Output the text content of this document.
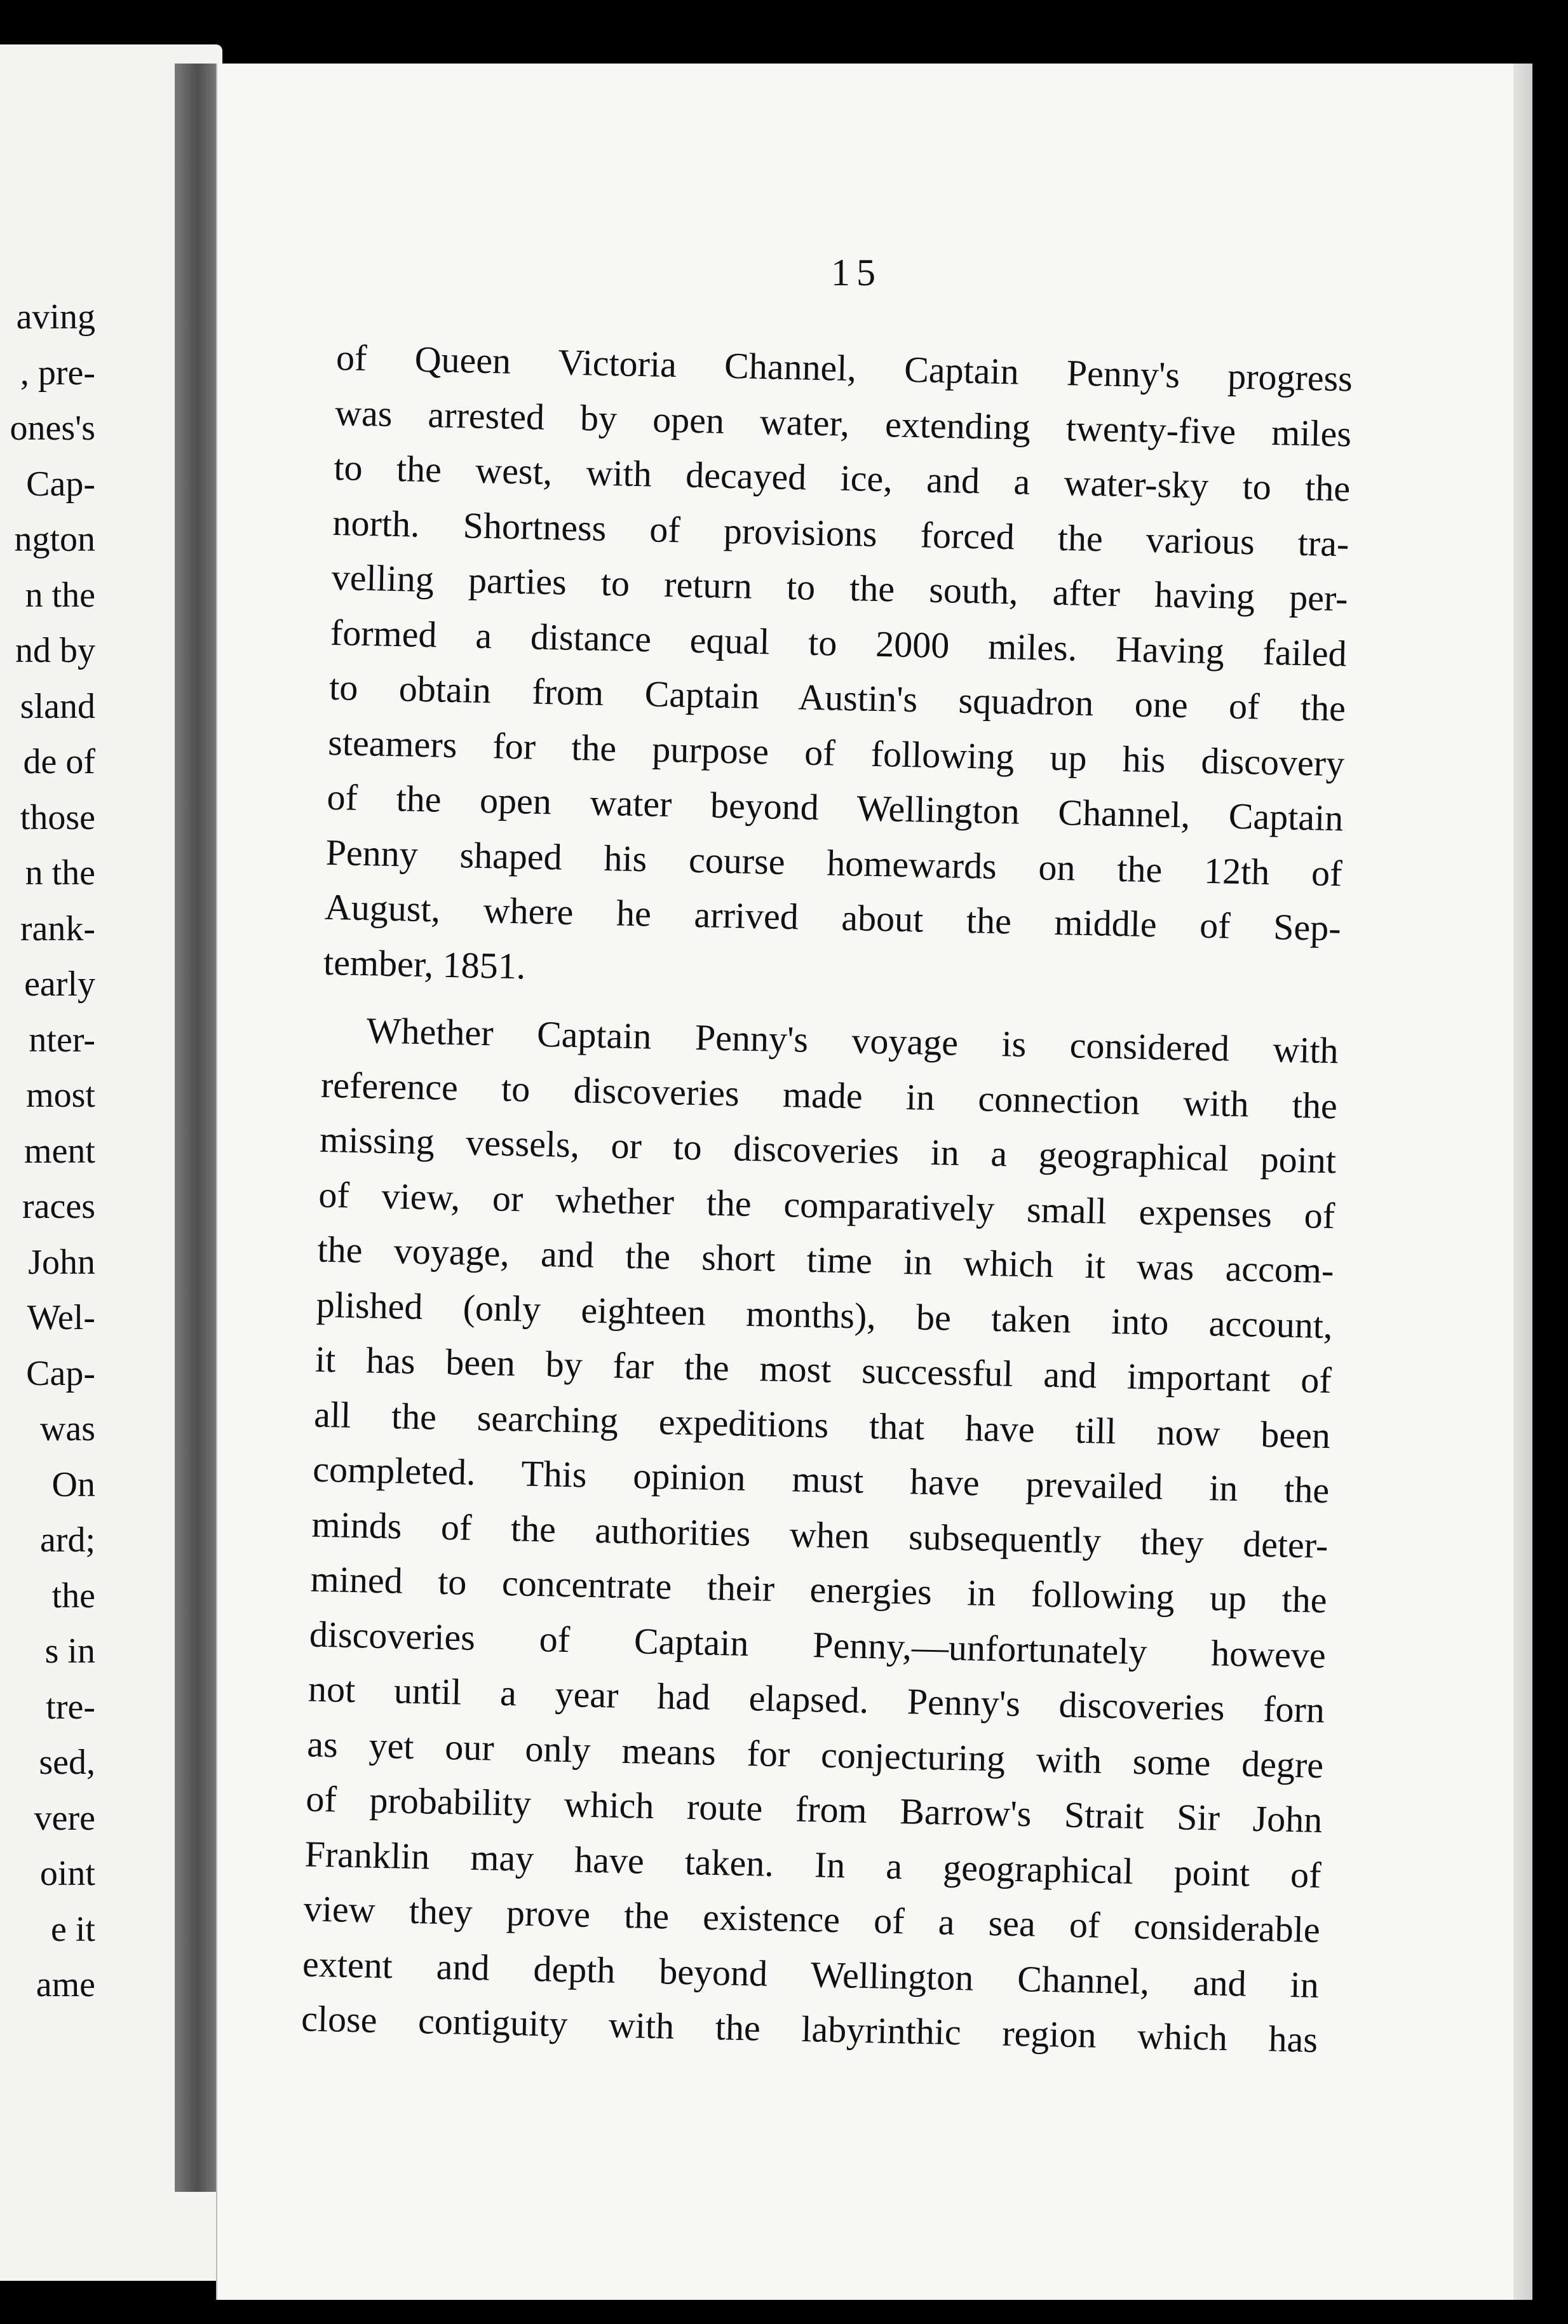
aving
, pre-
ones's
Cap-
ngton
n the
nd by
sland
de of
those
n the
rank-
early
nter-
most
ment
races
John
Wel-
Cap-
was
On
ard;
the
s in
tre-
sed,
vere
oint
e it
ame
15
of Queen Victoria Channel, Captain Penny's progress
was arrested by open water, extending twenty-five miles
to the west, with decayed ice, and a water-sky to the
north. Shortness of provisions forced the various tra-
velling parties to return to the south, after having per-
formed a distance equal to 2000 miles. Having failed
to obtain from Captain Austin's squadron one of the
steamers for the purpose of following up his discovery
of the open water beyond Wellington Channel, Captain
Penny shaped his course homewards on the 12th of
August, where he arrived about the middle of Sep-
tember, 1851.
Whether Captain Penny's voyage is considered with
reference to discoveries made in connection with the
missing vessels, or to discoveries in a geographical point
of view, or whether the comparatively small expenses of
the voyage, and the short time in which it was accom-
plished (only eighteen months), be taken into account,
it has been by far the most successful and important of
all the searching expeditions that have till now been
completed. This opinion must have prevailed in the
minds of the authorities when subsequently they deter-
mined to concentrate their energies in following up the
discoveries of Captain Penny,—unfortunately howeve
not until a year had elapsed. Penny's discoveries forn
as yet our only means for conjecturing with some degre
of probability which route from Barrow's Strait Sir John
Franklin may have taken. In a geographical point of
view they prove the existence of a sea of considerable
extent and depth beyond Wellington Channel, and in
close contiguity with the labyrinthic region which has
